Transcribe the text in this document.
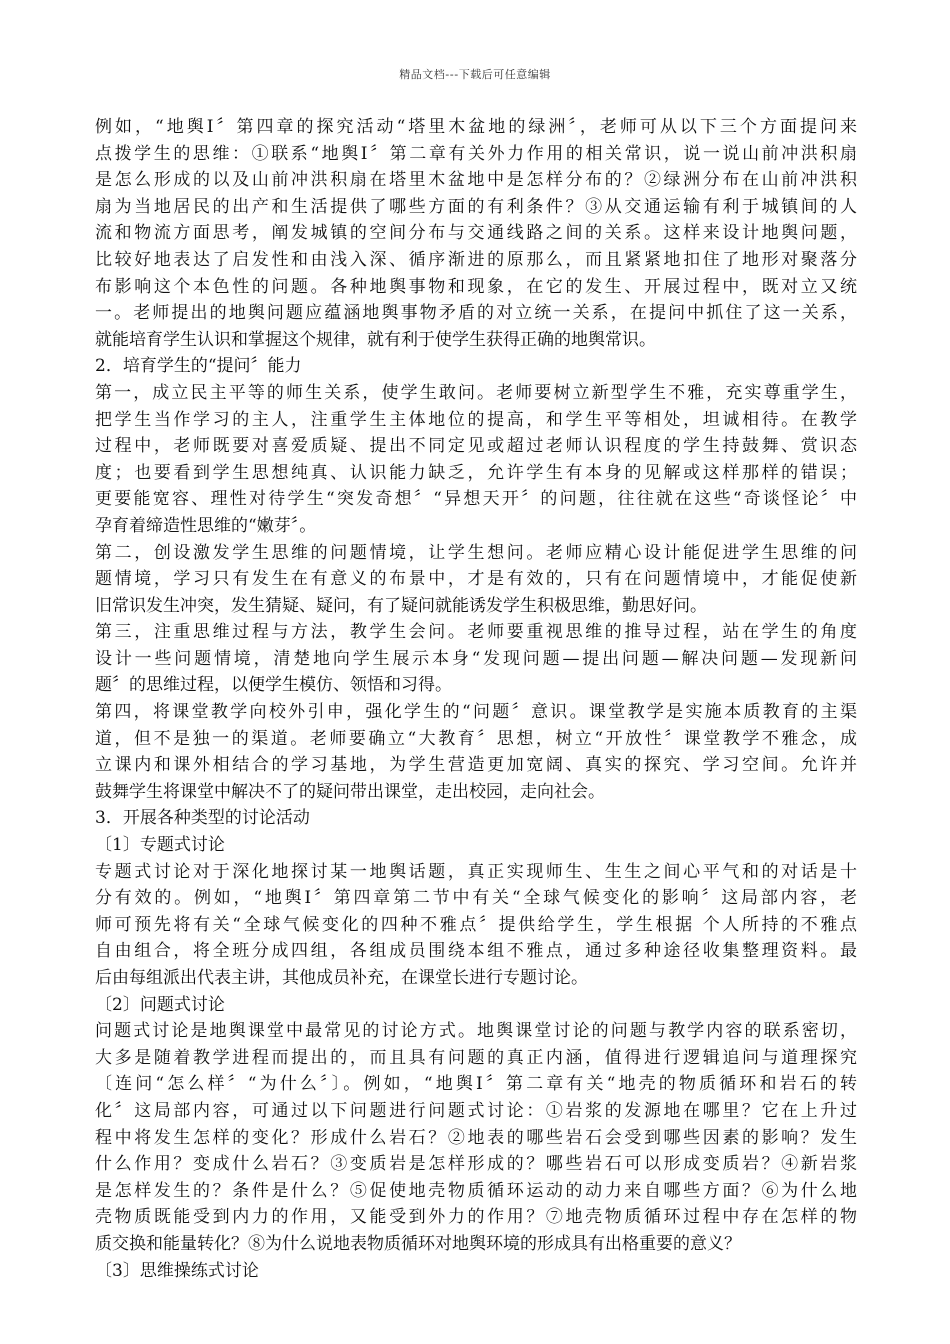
精品文档---下载后可任意编辑
例如，“地舆Ⅰ〞第四章的探究活动“塔里木盆地的绿洲〞，老师可从以下三个方面提问来
点拨学生的思维：①联系“地舆Ⅰ〞第二章有关外力作用的相关常识，说一说山前冲洪积扇
是怎么形成的以及山前冲洪积扇在塔里木盆地中是怎样分布的？②绿洲分布在山前冲洪积
扇为当地居民的出产和生活提供了哪些方面的有利条件？③从交通运输有利于城镇间的人
流和物流方面思考，阐发城镇的空间分布与交通线路之间的关系。这样来设计地舆问题，
比较好地表达了启发性和由浅入深、循序渐进的原那么，而且紧紧地扣住了地形对聚落分
布影响这个本色性的问题。各种地舆事物和现象，在它的发生、开展过程中，既对立又统
一。老师提出的地舆问题应蕴涵地舆事物矛盾的对立统一关系，在提问中抓住了这一关系，
就能培育学生认识和掌握这个规律，就有利于使学生获得正确的地舆常识。
2．培育学生的“提问〞能力
第一，成立民主平等的师生关系，使学生敢问。老师要树立新型学生不雅，充实尊重学生，
把学生当作学习的主人，注重学生主体地位的提高，和学生平等相处，坦诚相待。在教学
过程中，老师既要对喜爱质疑、提出不同定见或超过老师认识程度的学生持鼓舞、赏识态
度；也要看到学生思想纯真、认识能力缺乏，允许学生有本身的见解或这样那样的错误；
更要能宽容、理性对待学生“突发奇想〞“异想天开〞的问题，往往就在这些“奇谈怪论〞中
孕育着缔造性思维的“嫩芽〞。
第二，创设激发学生思维的问题情境，让学生想问。老师应精心设计能促进学生思维的问
题情境，学习只有发生在有意义的布景中，才是有效的，只有在问题情境中，才能促使新
旧常识发生冲突，发生猜疑、疑问，有了疑问就能诱发学生积极思维，勤思好问。
第三，注重思维过程与方法，教学生会问。老师要重视思维的推导过程，站在学生的角度
设计一些问题情境，清楚地向学生展示本身“发现问题—提出问题—解决问题—发现新问
题〞的思维过程，以便学生模仿、领悟和习得。
第四，将课堂教学向校外引申，强化学生的“问题〞意识。课堂教学是实施本质教育的主渠
道，但不是独一的渠道。老师要确立“大教育〞思想，树立“开放性〞课堂教学不雅念，成
立课内和课外相结合的学习基地，为学生营造更加宽阔、真实的探究、学习空间。允许并
鼓舞学生将课堂中解决不了的疑问带出课堂，走出校园，走向社会。
3．开展各种类型的讨论活动
〔1〕专题式讨论
专题式讨论对于深化地探讨某一地舆话题，真正实现师生、生生之间心平气和的对话是十
分有效的。例如，“地舆Ⅰ〞第四章第二节中有关“全球气候变化的影响〞这局部内容，老
师可预先将有关“全球气候变化的四种不雅点〞提供给学生，学生根据 个人所持的不雅点
自由组合，将全班分成四组，各组成员围绕本组不雅点，通过多种途径收集整理资料。最
后由每组派出代表主讲，其他成员补充，在课堂长进行专题讨论。
〔2〕问题式讨论
问题式讨论是地舆课堂中最常见的讨论方式。地舆课堂讨论的问题与教学内容的联系密切，
大多是随着教学进程而提出的，而且具有问题的真正内涵，值得进行逻辑追问与道理探究
〔连问“怎么样〞“为什么〞〕。例如，“地舆Ⅰ〞第二章有关“地壳的物质循环和岩石的转
化〞这局部内容，可通过以下问题进行问题式讨论：①岩浆的发源地在哪里？它在上升过
程中将发生怎样的变化？形成什么岩石？②地表的哪些岩石会受到哪些因素的影响？发生
什么作用？变成什么岩石？③变质岩是怎样形成的？哪些岩石可以形成变质岩？④新岩浆
是怎样发生的？条件是什么？⑤促使地壳物质循环运动的动力来自哪些方面？⑥为什么地
壳物质既能受到内力的作用，又能受到外力的作用？⑦地壳物质循环过程中存在怎样的物
质交换和能量转化？⑧为什么说地表物质循环对地舆环境的形成具有出格重要的意义？
〔3〕思维操练式讨论
